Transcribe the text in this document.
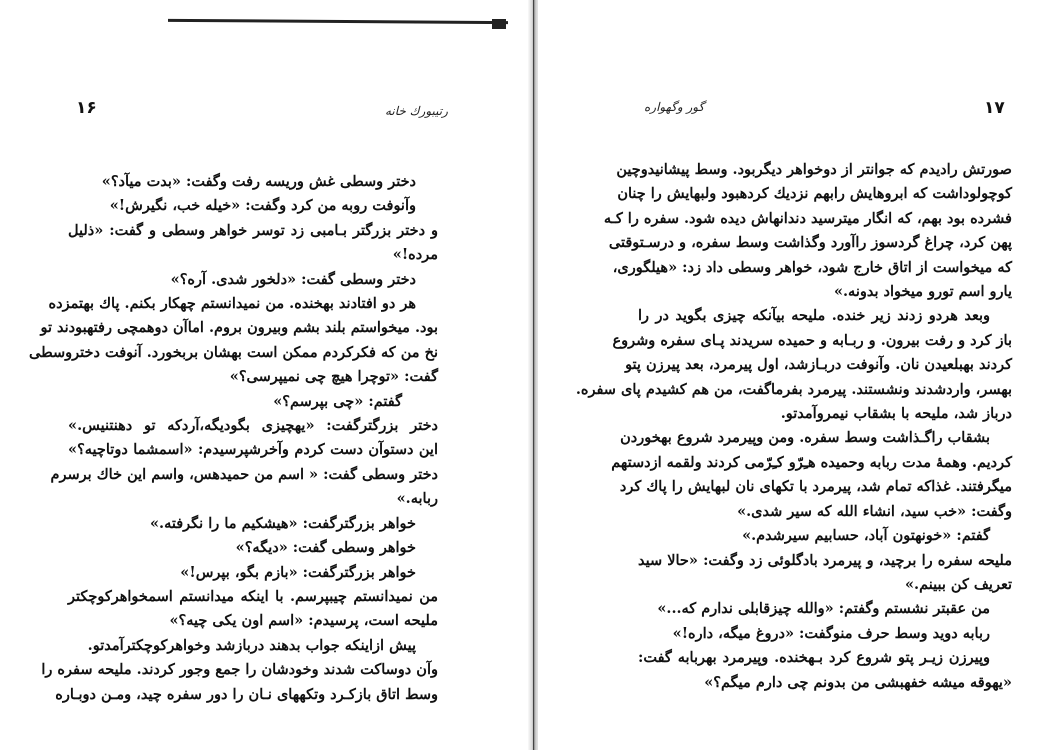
۱۶	رتیبورك خانه

دختر وسطی غش وریسه رفت وگفت: «بدت میآد؟»

وآنوفت روبه من کرد وگفت: «خیله خب، نگیرش!»

و دختر بزرگتر بـامبی زد توسر خواهر وسطی و گفت: «ذلیل

مرده!»

دختر وسطی گفت: «دلخور شدی. آره؟»

هر دو افتادند بهخنده. من نمیدانستم چهکار بکنم. پاك بهتمزده

بود. میخواستم بلند بشم وبیرون بروم. اماآن دوهمچی رفتهبودند تو

نخ من که فکرکردم ممکن است بهشان بربخورد. آنوفت دختروسطی

گفت: «توچرا هیچ چی نمیپرسی؟»

گفتم: «چی بپرسم؟»

دختر بزرگترگفت: «یهچیزی بگودیگه،آردکه تو دهنتنیس.»

این دستوآن دست کردم وآخرشپرسیدم: «اسمشما دوتاچیه؟»

دختر وسطی گفت: « اسم من حمیدهس، واسم این خاك برسرم

ربابه.»

خواهر بزرگترگفت: «هیشکیم ما را نگرفته.»

خواهر وسطی گفت: «دیگه؟»

خواهر بزرگترگفت: «بازم بگو، بپرس!»

من نمیدانستم چیبپرسم. با اینکه میدانستم اسمخواهرکوچکتر

ملیحه است، پرسیدم: «اسم اون یکی چیه؟»

پیش ازاینکه جواب بدهند دربازشد وخواهرکوچکترآمدتو.

وآن دوساکت شدند وخودشان را جمع وجور کردند. ملیحه سفره را

وسط اتاق بازکـرد وتکههای نـان را دور سفره چید، ومـن دوبـاره

۱۷
گور وگهواره

صورتش رادیدم که جوانتر از دوخواهر دیگربود. وسط پیشانیدوچین

کوچولوداشت که ابروهایش رابهم نزدیك کردهبود ولبهایش را چنان

فشرده بود بهم، که انگار میترسید دندانهاش دیده شود. سفره را کـه

پهن کرد، چراغ گردسوز راآورد وگذاشت وسط سفره، و درسـتوقتی

که میخواست از اتاق خارج شود، خواهر وسطی داد زد: «هیلگوری،

یارو اسم تورو میخواد بدونه.»

وبعد هردو زدند زیر خنده. ملیحه بیآنکه چیزی بگوید در را

باز کرد و رفت بیرون. و ربـابه و حمیده سریدند پـای سفره وشروع

کردند بهبلعیدن نان. وآنوفت دربـازشد، اول پیرمرد، بعد پیرزن پتو

بهسر، واردشدند ونشستند. پیرمرد بفرماگفت، من هم کشیدم پای سفره.

درباز شد، ملیحه با بشقاب نیمروآمدتو.

بشقاب راگـذاشت وسط سفره. ومن وپیرمرد شروع بهخوردن

کردیم. وهمهٔ مدت ربابه وحمیده هـِرّو کـِرّمی کردند ولقمه ازدستهم

میگرفتند. غذاکه تمام شد، پیرمرد با تکهای نان لبهایش را پاك کرد

وگفت: «خب سید، انشاء الله که سیر شدی.»

گفتم: «خونهتون آباد، حسابیم سیرشدم.»

ملیحه سفره را برچید، و پیرمرد بادگلوئی زد وگفت: «حالا سید

تعریف کن ببینم.»

من عقبتر نشستم وگفتم: «والله چیزقابلی ندارم که...»

ربابه دوید وسط حرف منوگفت: «دروغ میگه، داره!»

وپیرزن زیـر پتو شروع کرد بـهخنده. وپیرمرد بهربابه گفت:

«یهوقه میشه خفهبشی من بدونم چی دارم میگم؟»
